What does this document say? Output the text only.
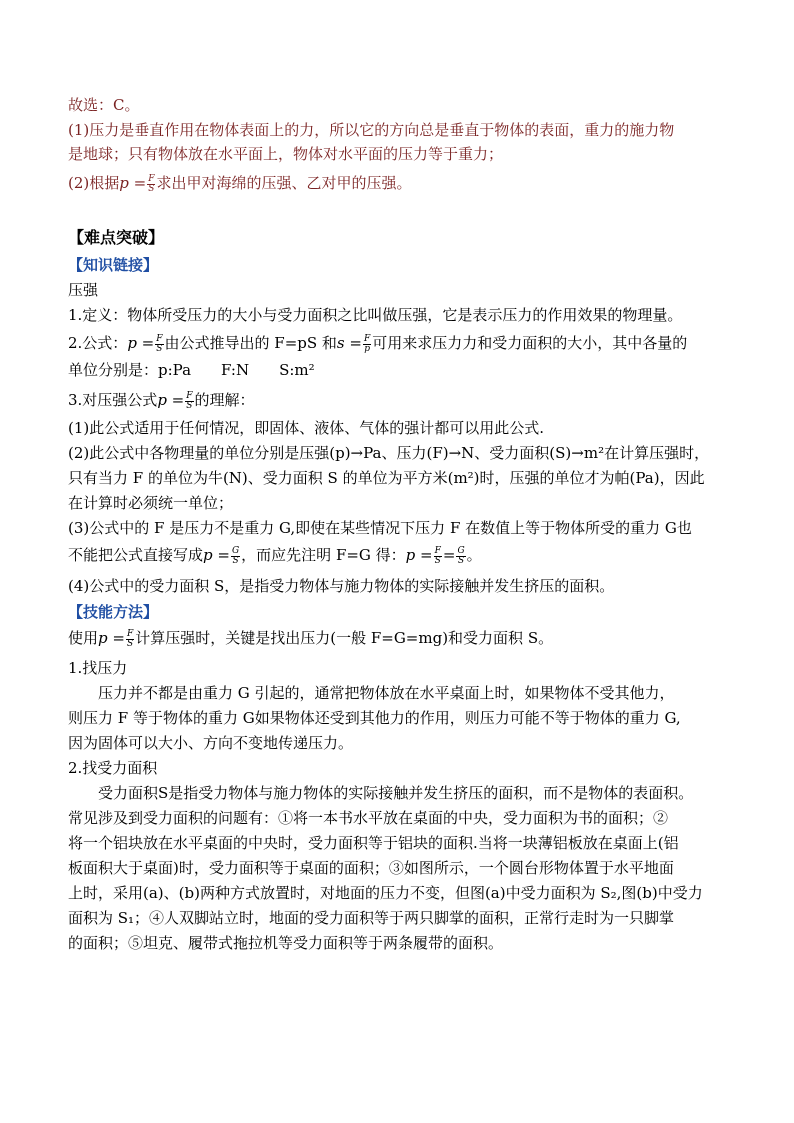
故选：C。
(1)压力是垂直作用在物体表面上的力，所以它的方向总是垂直于物体的表面，重力的施力物
是地球；只有物体放在水平面上，物体对水平面的压力等于重力；
(2)根据$p = \frac{F}{S}$ 求出甲对海绵的压强、乙对甲的压强。
【难点突破】
【知识链接】
压强
1.定义：物体所受压力的大小与受力面积之比叫做压强，它是表示压力的作用效果的物理量。
2.公式：$p = \frac{F}{S}$ 由公式推导出的 F=pS 和$s = \frac{F}{p}$ 可用来求压力力和受力面积的大小，其中各量的
单位分别是：p:Pa　　F:N　　S:m²
3.对压强公式$p = \frac{F}{S}$ 的理解：
(1)此公式适用于任何情况，即固体、液体、气体的强计都可以用此公式.
(2)此公式中各物理量的单位分别是压强(p)→Pa、压力(F)→N、受力面积(S)→m²在计算压强时，
只有当力 F 的单位为牛(N)、受力面积 S 的单位为平方米(m²)时，压强的单位才为帕(Pa)，因此
在计算时必须统一单位；
(3)公式中的 F 是压力不是重力 G,即使在某些情况下压力 F 在数值上等于物体所受的重力 G也
不能把公式直接写成$p = \frac{G}{S}$ ，而应先注明 F=G 得：$p = \frac{F}{S} = \frac{G}{S}$ 。
(4)公式中的受力面积 S，是指受力物体与施力物体的实际接触并发生挤压的面积。
【技能方法】
使用$p = \frac{F}{S}$ 计算压强时，关键是找出压力(一般 F=G=mg)和受力面积 S。
1.找压力
压力并不都是由重力 G 引起的，通常把物体放在水平桌面上时，如果物体不受其他力，
则压力 F 等于物体的重力 G如果物体还受到其他力的作用，则压力可能不等于物体的重力 G,
因为固体可以大小、方向不变地传递压力。
2.找受力面积
受力面积S是指受力物体与施力物体的实际接触并发生挤压的面积，而不是物体的表面积。
常见涉及到受力面积的问题有：①将一本书水平放在桌面的中央，受力面积为书的面积；②
将一个铝块放在水平桌面的中央时，受力面积等于铝块的面积.当将一块薄铝板放在桌面上(铝
板面积大于桌面)时，受力面积等于桌面的面积；③如图所示，一个圆台形物体置于水平地面
上时，采用(a)、(b)两种方式放置时，对地面的压力不变，但图(a)中受力面积为 S₂,图(b)中受力
面积为 S₁；④人双脚站立时，地面的受力面积等于两只脚掌的面积，正常行走时为一只脚掌
的面积；⑤坦克、履带式拖拉机等受力面积等于两条履带的面积。
